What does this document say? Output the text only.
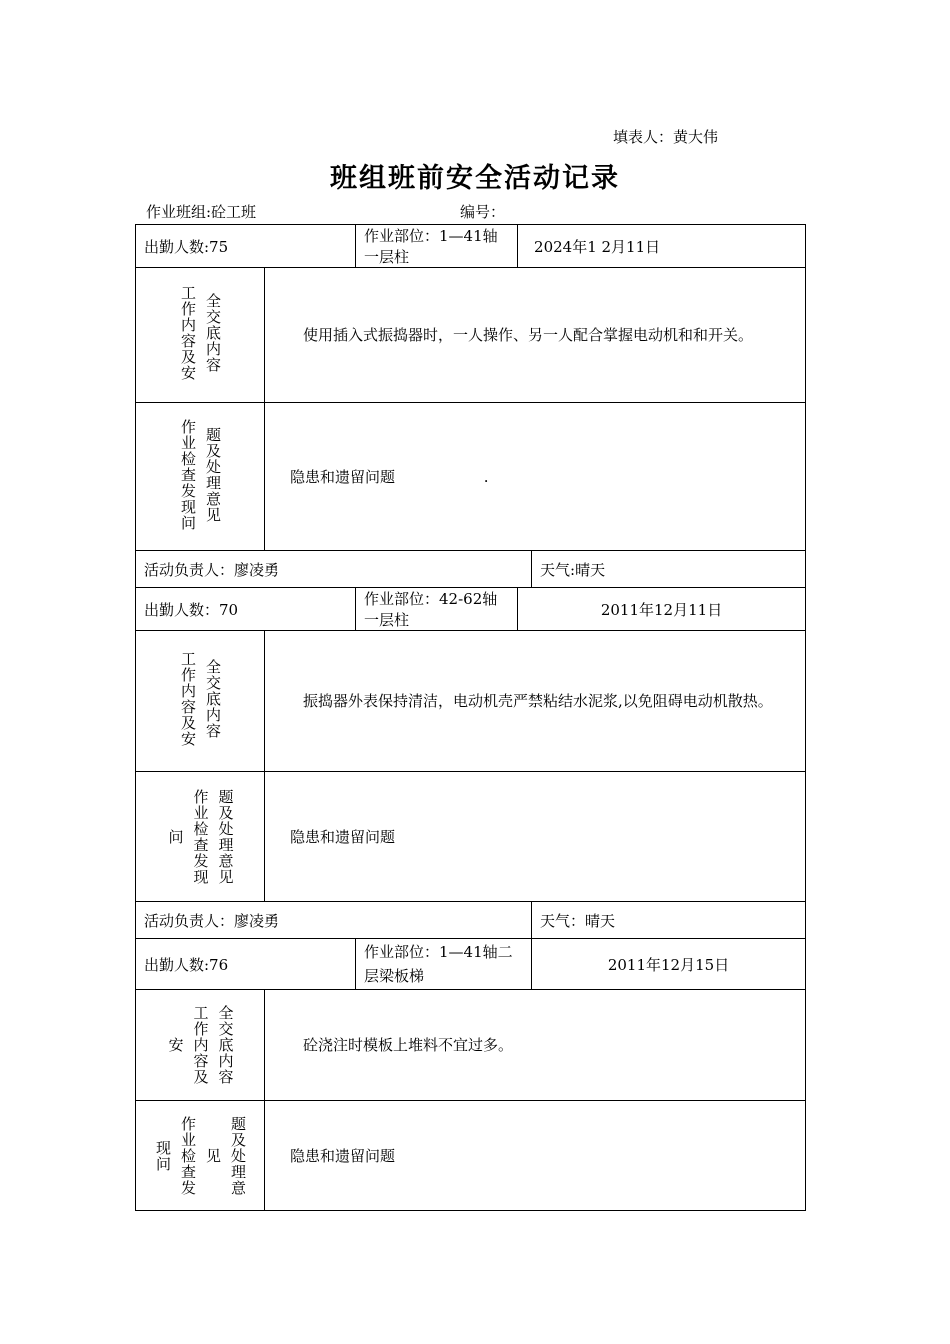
填表人：黄大伟
班组班前安全活动记录
作业班组:砼工班	编号：
出勤人数:75		作业部位：1—41轴一层柱	2024年1 2月11日	

工作内容及安 全交底内容	使用插入式振捣器时，一人操作、另一人配合掌握电动机和和开关。			

作业检查发现问 题及处理意见	隐患和遗留问题 .			
活动负责人：廖凌勇				天气:晴天
出勤人数：70		作业部位：42-62轴一层柱	2011年12月11日	

工作内容及安 全交底内容	振捣器外表保持清洁，电动机壳严禁粘结水泥浆,以免阻碍电动机散热。			

问 作业检查发现 题及处理意见	隐患和遗留问题			
活动负责人：廖凌勇				天气：晴天
出勤人数:76		作业部位：1—41轴二层梁板梯		2011年12月15日

安 工作内容及 全交底内容	砼浇注时模板上堆料不宜过多。			

现问 作业检查发 见 题及处理意	隐患和遗留问题			
